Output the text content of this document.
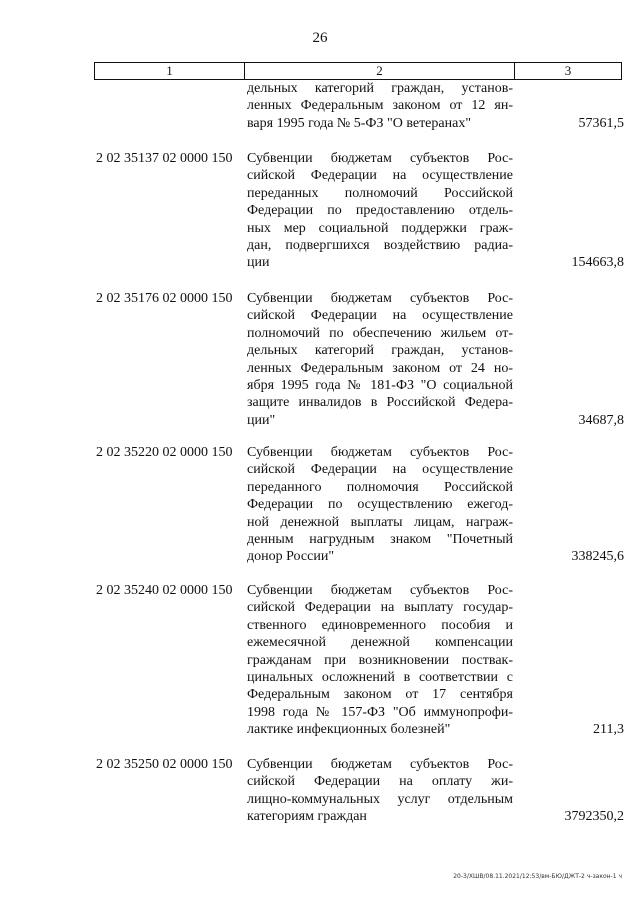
26
1	2	3
дельных категорий граждан, установ-
ленных Федеральным законом от 12 ян-
варя 1995 года № 5-ФЗ "О ветеранах"	57361,5
2 02 35137 02 0000 150	Субвенции бюджетам субъектов Рос-
сийской Федерации на осуществление
переданных полномочий Российской
Федерации по предоставлению отдель-
ных мер социальной поддержки граж-
дан, подвергшихся воздействию радиа-
ции	154663,8
2 02 35176 02 0000 150	Субвенции бюджетам субъектов Рос-
сийской Федерации на осуществление
полномочий по обеспечению жильем от-
дельных категорий граждан, установ-
ленных Федеральным законом от 24 но-
ября 1995 года № 181-ФЗ "О социальной
защите инвалидов в Российской Федера-
ции"	34687,8
2 02 35220 02 0000 150	Субвенции бюджетам субъектов Рос-
сийской Федерации на осуществление
переданного полномочия Российской
Федерации по осуществлению ежегод-
ной денежной выплаты лицам, награж-
денным нагрудным знаком "Почетный
донор России"	338245,6
2 02 35240 02 0000 150	Субвенции бюджетам субъектов Рос-
сийской Федерации на выплату государ-
ственного единовременного пособия и
ежемесячной денежной компенсации
гражданам при возникновении поствак-
цинальных осложнений в соответствии с
Федеральным законом от 17 сентября
1998 года № 157-ФЗ "Об иммунопрофи-
лактике инфекционных болезней"	211,3
2 02 35250 02 0000 150	Субвенции бюджетам субъектов Рос-
сийской Федерации на оплату жи-
лищно-коммунальных услуг отдельным
категориям граждан	3792350,2
20-3/ХШВ/08.11.2021/12:53/вм-БЮ/ДЖТ-2 ч-закон-1 ч
